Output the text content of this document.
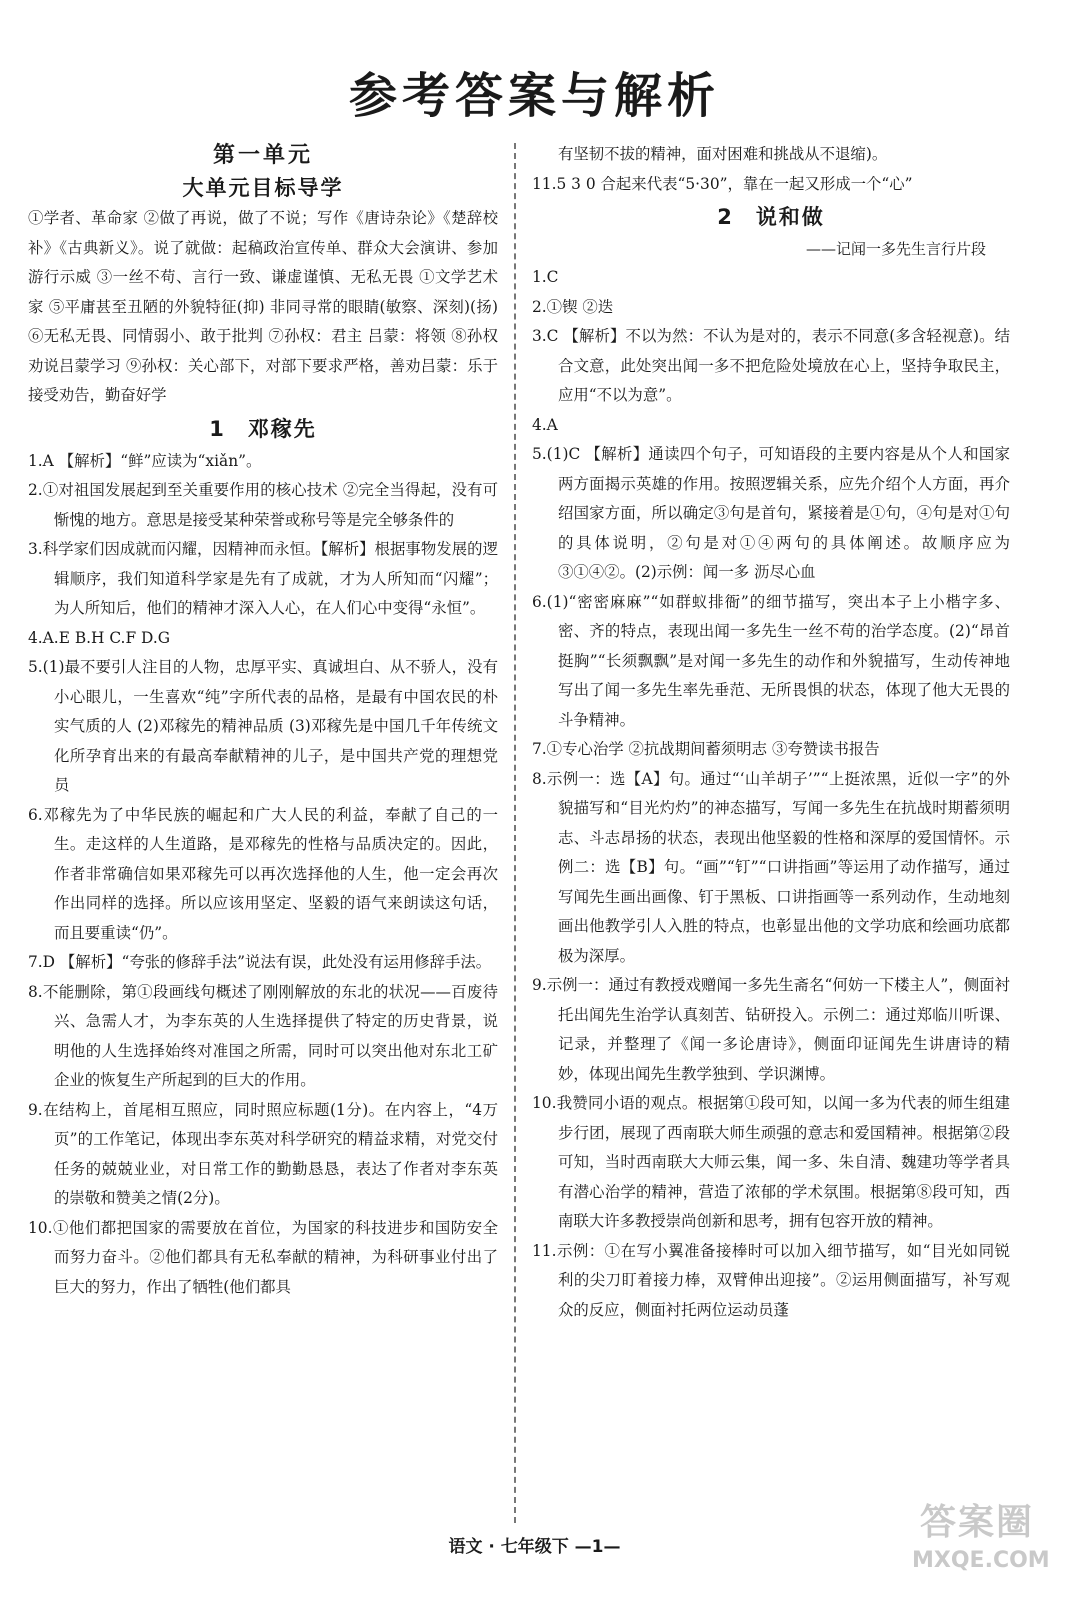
参考答案与解析
第一单元
大单元目标导学

①学者、革命家 ②做了再说，做了不说；写作《唐诗杂论》《楚辞校补》《古典新义》。说了就做：起稿政治宣传单、群众大会演讲、参加游行示威 ③一丝不苟、言行一致、谦虚谨慎、无私无畏 ①文学艺术家 ⑤平庸甚至丑陋的外貌特征(抑) 非同寻常的眼睛(敏察、深刻)(扬) ⑥无私无畏、同情弱小、敢于批判 ⑦孙权：君主 吕蒙：将领 ⑧孙权劝说吕蒙学习 ⑨孙权：关心部下，对部下要求严格，善劝吕蒙：乐于接受劝告，勤奋好学

1 邓稼先

1.A 【解析】“鲜”应读为“xiǎn”。

2.①对祖国发展起到至关重要作用的核心技术 ②完全当得起，没有可惭愧的地方。意思是接受某种荣誉或称号等是完全够条件的

3.科学家们因成就而闪耀，因精神而永恒。【解析】根据事物发展的逻辑顺序，我们知道科学家是先有了成就，才为人所知而“闪耀”；为人所知后，他们的精神才深入人心，在人们心中变得“永恒”。

4.A.E B.H C.F D.G

5.(1)最不要引人注目的人物，忠厚平实、真诚坦白、从不骄人，没有小心眼儿，一生喜欢“纯”字所代表的品格，是最有中国农民的朴实气质的人 (2)邓稼先的精神品质 (3)邓稼先是中国几千年传统文化所孕育出来的有最高奉献精神的儿子，是中国共产党的理想党员

6.邓稼先为了中华民族的崛起和广大人民的利益，奉献了自己的一生。走这样的人生道路，是邓稼先的性格与品质决定的。因此，作者非常确信如果邓稼先可以再次选择他的人生，他一定会再次作出同样的选择。所以应该用坚定、坚毅的语气来朗读这句话，而且要重读“仍”。

7.D 【解析】“夸张的修辞手法”说法有误，此处没有运用修辞手法。

8.不能删除，第①段画线句概述了刚刚解放的东北的状况——百废待兴、急需人才，为李东英的人生选择提供了特定的历史背景，说明他的人生选择始终对准国之所需，同时可以突出他对东北工矿企业的恢复生产所起到的巨大的作用。

9.在结构上，首尾相互照应，同时照应标题(1分)。在内容上，“4万页”的工作笔记，体现出李东英对科学研究的精益求精，对党交付任务的兢兢业业，对日常工作的勤勤恳恳，表达了作者对李东英的崇敬和赞美之情(2分)。

10.①他们都把国家的需要放在首位，为国家的科技进步和国防安全而努力奋斗。②他们都具有无私奉献的精神，为科研事业付出了巨大的努力，作出了牺牲(他们都具

有坚韧不拔的精神，面对困难和挑战从不退缩)。

11.5 3 0 合起来代表“5·30”，靠在一起又形成一个“心”

2 说和做
——记闻一多先生言行片段

1.C

2.①锲 ②迭

3.C 【解析】不以为然：不认为是对的，表示不同意(多含轻视意)。结合文意，此处突出闻一多不把危险处境放在心上，坚持争取民主，应用“不以为意”。

4.A

5.(1)C 【解析】通读四个句子，可知语段的主要内容是从个人和国家两方面揭示英雄的作用。按照逻辑关系，应先介绍个人方面，再介绍国家方面，所以确定③句是首句，紧接着是①句，④句是对①句的具体说明，②句是对①④两句的具体阐述。故顺序应为③①④②。(2)示例：闻一多 沥尽心血

6.(1)“密密麻麻”“如群蚁排衙”的细节描写，突出本子上小楷字多、密、齐的特点，表现出闻一多先生一丝不苟的治学态度。(2)“昂首挺胸”“长须飘飘”是对闻一多先生的动作和外貌描写，生动传神地写出了闻一多先生率先垂范、无所畏惧的状态，体现了他大无畏的斗争精神。

7.①专心治学 ②抗战期间蓄须明志 ③夸赞读书报告

8.示例一：选【A】句。通过“‘山羊胡子’”“上挺浓黑，近似一字”的外貌描写和“目光灼灼”的神态描写，写闻一多先生在抗战时期蓄须明志、斗志昂扬的状态，表现出他坚毅的性格和深厚的爱国情怀。示例二：选【B】句。“画”“钉”“口讲指画”等运用了动作描写，通过写闻先生画出画像、钉于黑板、口讲指画等一系列动作，生动地刻画出他教学引人入胜的特点，也彰显出他的文学功底和绘画功底都极为深厚。

9.示例一：通过有教授戏赠闻一多先生斋名“何妨一下楼主人”，侧面衬托出闻先生治学认真刻苦、钻研投入。示例二：通过郑临川听课、记录，并整理了《闻一多论唐诗》，侧面印证闻先生讲唐诗的精妙，体现出闻先生教学独到、学识渊博。

10.我赞同小语的观点。根据第①段可知，以闻一多为代表的师生组建步行团，展现了西南联大师生顽强的意志和爱国精神。根据第②段可知，当时西南联大大师云集，闻一多、朱自清、魏建功等学者具有潜心治学的精神，营造了浓郁的学术氛围。根据第⑧段可知，西南联大许多教授崇尚创新和思考，拥有包容开放的精神。

11.示例：①在写小翼准备接棒时可以加入细节描写，如“目光如同锐利的尖刀盯着接力棒，双臂伸出迎接”。②运用侧面描写，补写观众的反应，侧面衬托两位运动员蓬

语文 · 七年级下 —1—
答案圈
MXQE.COM
